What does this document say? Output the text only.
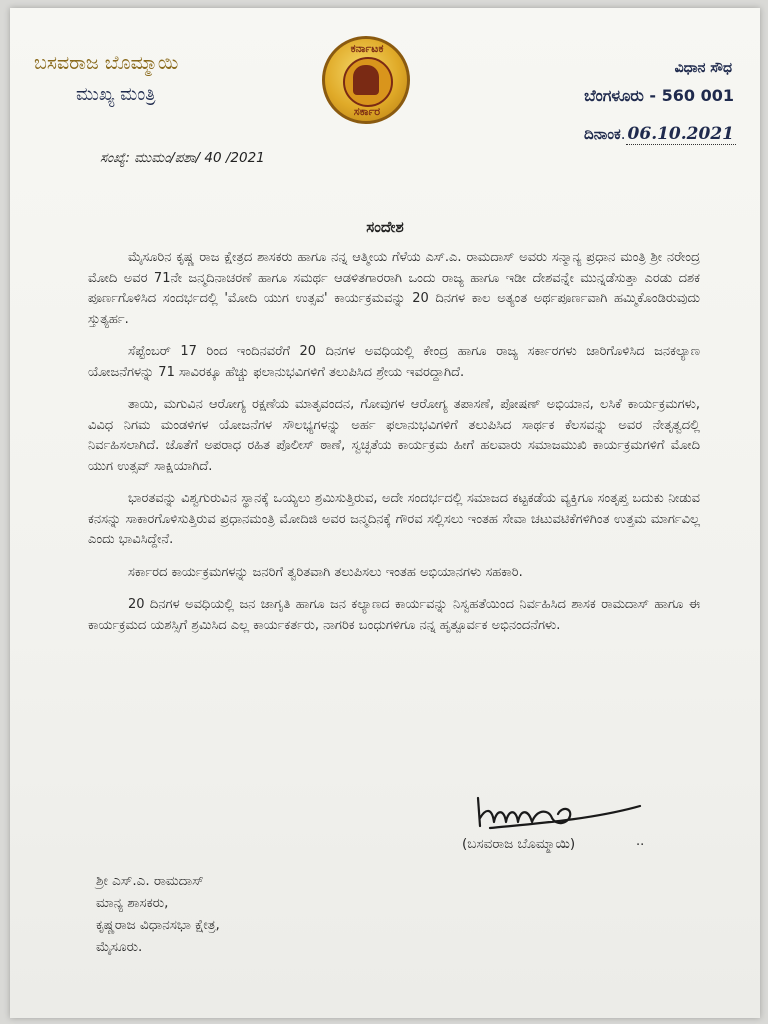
ಬಸವರಾಜ ಬೊಮ್ಮಾಯಿ
ಮುಖ್ಯ ಮಂತ್ರಿ
ಕರ್ನಾಟಕ
ಸರ್ಕಾರ
ವಿಧಾನ ಸೌಧ
ಬೆಂಗಳೂರು - 560 001
ದಿನಾಂಕ. 06.10.2021
ಸಂಖ್ಯೆ: ಮುಮಂ/ಪಶಾ/ 40 /2021
ಸಂದೇಶ

ಮೈಸೂರಿನ ಕೃಷ್ಣ ರಾಜ ಕ್ಷೇತ್ರದ ಶಾಸಕರು ಹಾಗೂ ನನ್ನ ಆತ್ಮೀಯ ಗೆಳೆಯ ಎಸ್.ಎ. ರಾಮದಾಸ್ ಅವರು ಸನ್ಮಾನ್ಯ ಪ್ರಧಾನ ಮಂತ್ರಿ ಶ್ರೀ ನರೇಂದ್ರ ಮೋದಿ ಅವರ 71ನೇ ಜನ್ಮದಿನಾಚರಣೆ ಹಾಗೂ ಸಮರ್ಥ ಆಡಳಿತಗಾರರಾಗಿ ಒಂದು ರಾಜ್ಯ ಹಾಗೂ ಇಡೀ ದೇಶವನ್ನೇ ಮುನ್ನಡೆಸುತ್ತಾ ಎರಡು ದಶಕ ಪೂರ್ಣಗೊಳಿಸಿದ ಸಂದರ್ಭದಲ್ಲಿ 'ಮೋದಿ ಯುಗ ಉತ್ಸವ' ಕಾರ್ಯಕ್ರಮವನ್ನು 20 ದಿನಗಳ ಕಾಲ ಅತ್ಯಂತ ಅರ್ಥಪೂರ್ಣವಾಗಿ ಹಮ್ಮಿಕೊಂಡಿರುವುದು ಸ್ತುತ್ಯರ್ಹ.

ಸೆಪ್ಟೆಂಬರ್ 17 ರಿಂದ ಇಂದಿನವರೆಗೆ 20 ದಿನಗಳ ಅವಧಿಯಲ್ಲಿ ಕೇಂದ್ರ ಹಾಗೂ ರಾಜ್ಯ ಸರ್ಕಾರಗಳು ಜಾರಿಗೊಳಿಸಿದ ಜನಕಲ್ಯಾಣ ಯೋಜನೆಗಳನ್ನು 71 ಸಾವಿರಕ್ಕೂ ಹೆಚ್ಚು ಫಲಾನುಭವಿಗಳಿಗೆ ತಲುಪಿಸಿದ ಶ್ರೇಯ ಇವರದ್ದಾಗಿದೆ.

ತಾಯಿ, ಮಗುವಿನ ಆರೋಗ್ಯ ರಕ್ಷಣೆಯ ಮಾತೃವಂದನ, ಗೋವುಗಳ ಆರೋಗ್ಯ ತಪಾಸಣೆ, ಪೋಷಣ್ ಅಭಿಯಾನ, ಲಸಿಕೆ ಕಾರ್ಯಕ್ರಮಗಳು, ವಿವಿಧ ನಿಗಮ ಮಂಡಳಿಗಳ ಯೋಜನೆಗಳ ಸೌಲಭ್ಯಗಳನ್ನು ಅರ್ಹ ಫಲಾನುಭವಿಗಳಿಗೆ ತಲುಪಿಸಿದ ಸಾರ್ಥಕ ಕೆಲಸವನ್ನು ಅವರ ನೇತೃತ್ವದಲ್ಲಿ ನಿರ್ವಹಿಸಲಾಗಿದೆ. ಜೊತೆಗೆ ಅಪರಾಧ ರಹಿತ ಪೊಲೀಸ್ ಠಾಣೆ, ಸ್ವಚ್ಛತೆಯ ಕಾರ್ಯಕ್ರಮ ಹೀಗೆ ಹಲವಾರು ಸಮಾಜಮುಖಿ ಕಾರ್ಯಕ್ರಮಗಳಿಗೆ ಮೋದಿ ಯುಗ ಉತ್ಸವ್ ಸಾಕ್ಷಿಯಾಗಿದೆ.

ಭಾರತವನ್ನು ವಿಶ್ವಗುರುವಿನ ಸ್ಥಾನಕ್ಕೆ ಒಯ್ಯಲು ಶ್ರಮಿಸುತ್ತಿರುವ, ಅದೇ ಸಂದರ್ಭದಲ್ಲಿ ಸಮಾಜದ ಕಟ್ಟಕಡೆಯ ವ್ಯಕ್ತಿಗೂ ಸಂತೃಪ್ತ ಬದುಕು ನೀಡುವ ಕನಸನ್ನು ಸಾಕಾರಗೊಳಿಸುತ್ತಿರುವ ಪ್ರಧಾನಮಂತ್ರಿ ಮೋದಿಜಿ ಅವರ ಜನ್ಮದಿನಕ್ಕೆ ಗೌರವ ಸಲ್ಲಿಸಲು ಇಂತಹ ಸೇವಾ ಚಟುವಟಿಕೆಗಳಿಗಿಂತ ಉತ್ತಮ ಮಾರ್ಗವಿಲ್ಲ ಎಂದು ಭಾವಿಸಿದ್ದೇನೆ.

ಸರ್ಕಾರದ ಕಾರ್ಯಕ್ರಮಗಳನ್ನು ಜನರಿಗೆ ತ್ವರಿತವಾಗಿ ತಲುಪಿಸಲು ಇಂತಹ ಅಭಿಯಾನಗಳು ಸಹಕಾರಿ.

20 ದಿನಗಳ ಅವಧಿಯಲ್ಲಿ ಜನ ಜಾಗೃತಿ ಹಾಗೂ ಜನ ಕಲ್ಯಾಣದ ಕಾರ್ಯವನ್ನು ನಿಸ್ವಹತೆಯಿಂದ ನಿರ್ವಹಿಸಿದ ಶಾಸಕ ರಾಮದಾಸ್ ಹಾಗೂ ಈ ಕಾರ್ಯಕ್ರಮದ ಯಶಸ್ಸಿಗೆ ಶ್ರಮಿಸಿದ ಎಲ್ಲ ಕಾರ್ಯಕರ್ತರು, ನಾಗರಿಕ ಬಂಧುಗಳಿಗೂ ನನ್ನ ಹೃತ್ಪೂರ್ವಕ ಅಭಿನಂದನೆಗಳು.

(ಬಸವರಾಜ ಬೊಮ್ಮಾಯಿ)	··
ಶ್ರೀ ಎಸ್.ಎ. ರಾಮದಾಸ್
ಮಾನ್ಯ ಶಾಸಕರು,
ಕೃಷ್ಣರಾಜ ವಿಧಾನಸಭಾ ಕ್ಷೇತ್ರ,
ಮೈಸೂರು.
